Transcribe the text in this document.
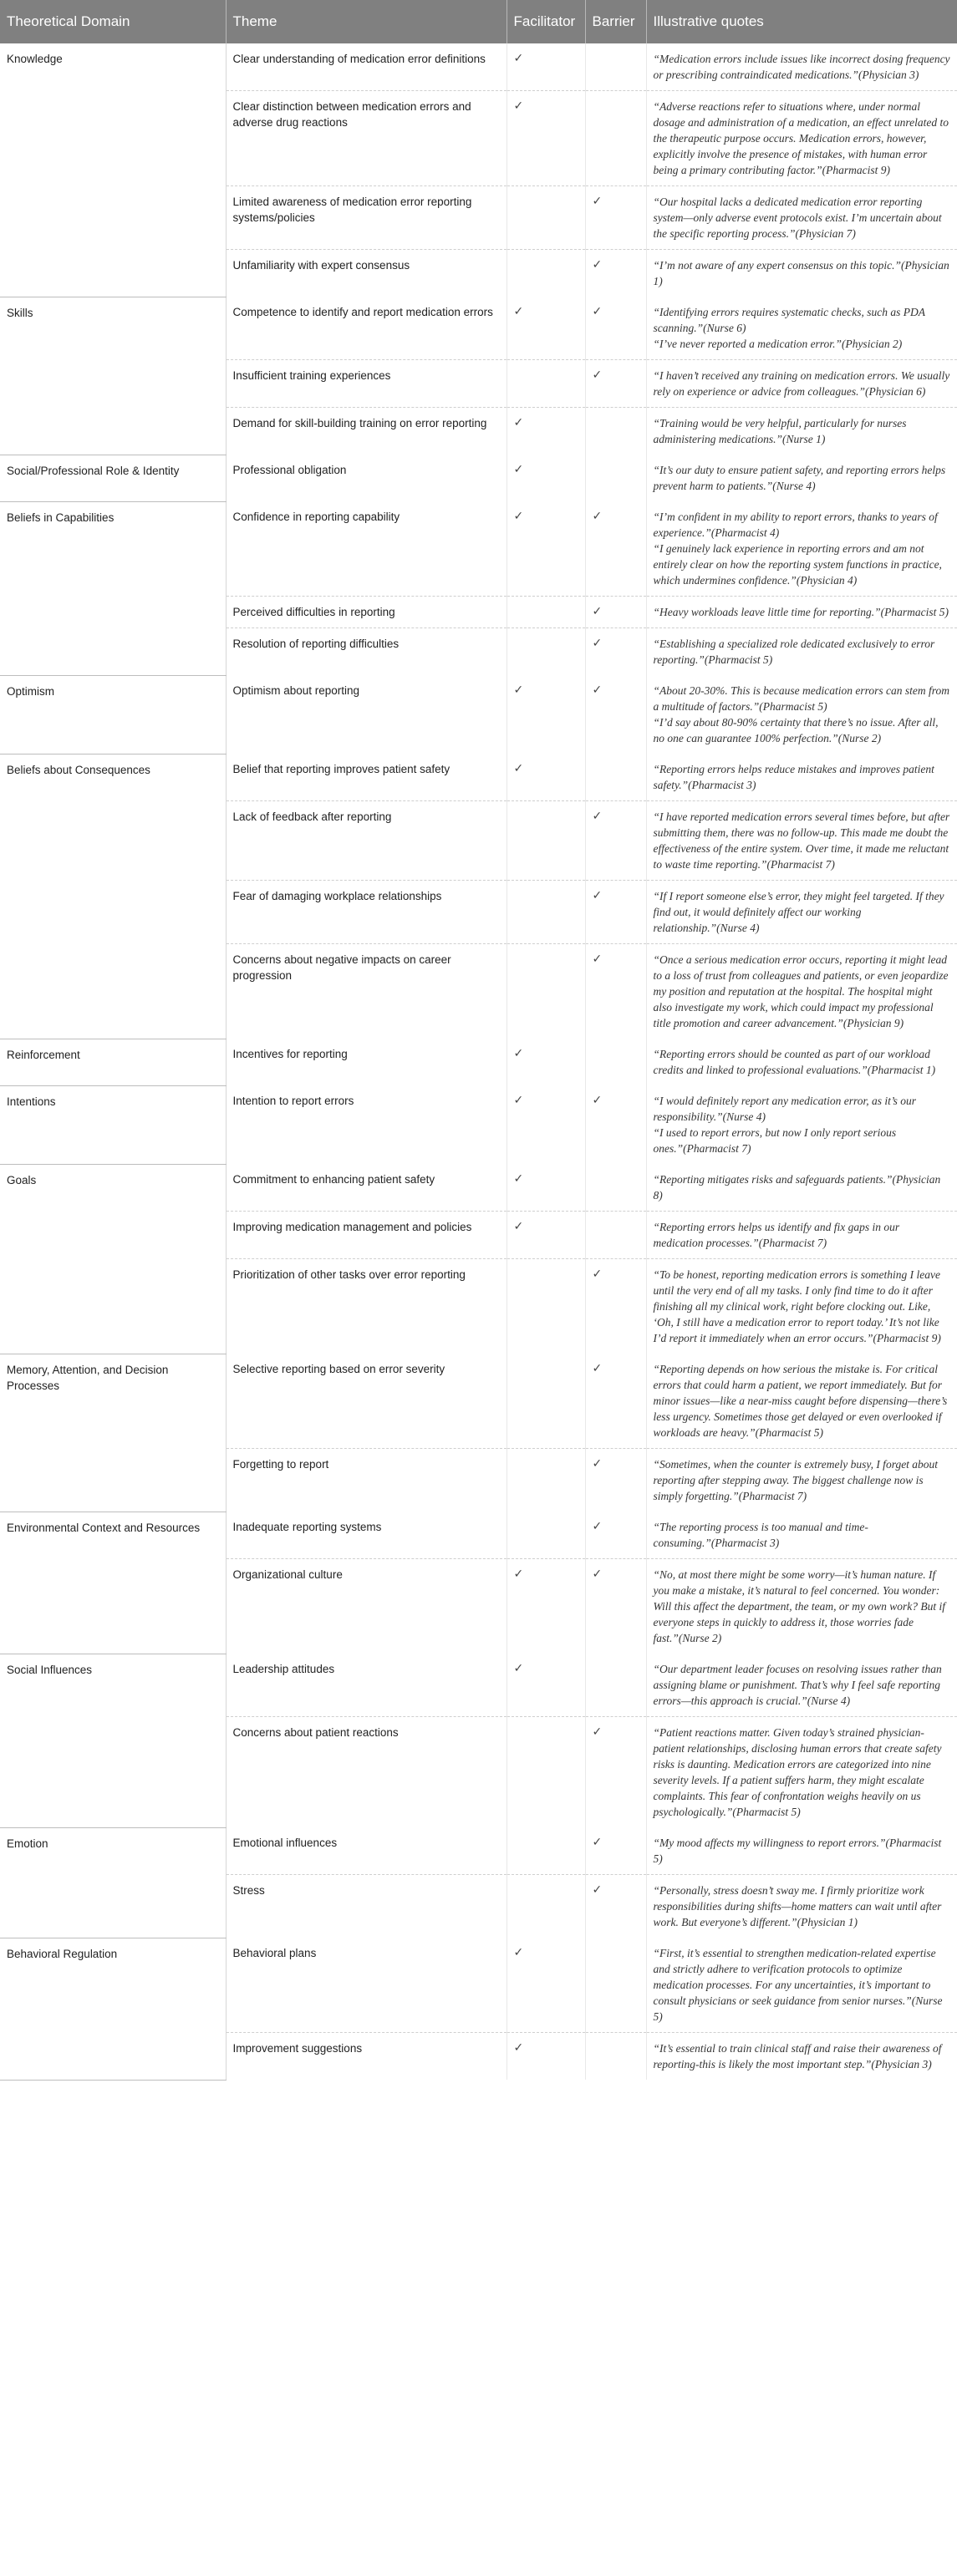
Theoretical Domain	Theme	Facilitator	Barrier	Illustrative quotes
Knowledge	Clear understanding of medication error definitions	✓		“Medication errors include issues like incorrect dosing frequency or prescribing contraindicated medications.”(Physician 3)

	Clear distinction between medication errors and adverse drug reactions	✓		“Adverse reactions refer to situations where, under normal dosage and administration of a medication, an effect unrelated to the therapeutic purpose occurs. Medication errors, however, explicitly involve the presence of mistakes, with human error being a primary contributing factor.”(Pharmacist 9)

	Limited awareness of medication error reporting systems/policies		✓	“Our hospital lacks a dedicated medication error reporting system—only adverse event protocols exist. I’m uncertain about the specific reporting process.”(Physician 7)

	Unfamiliarity with expert consensus		✓	“I’m not aware of any expert consensus on this topic.”(Physician 1)

Skills	Competence to identify and report medication errors	✓	✓	“Identifying errors requires systematic checks, such as PDA scanning.”(Nurse 6)
“I’ve never reported a medication error.”(Physician 2)

	Insufficient training experiences		✓	“I haven’t received any training on medication errors. We usually rely on experience or advice from colleagues.”(Physician 6)

	Demand for skill-building training on error reporting	✓		“Training would be very helpful, particularly for nurses administering medications.”(Nurse 1)

Social/Professional Role & Identity	Professional obligation	✓		“It’s our duty to ensure patient safety, and reporting errors helps prevent harm to patients.”(Nurse 4)

Beliefs in Capabilities	Confidence in reporting capability	✓	✓	“I’m confident in my ability to report errors, thanks to years of experience.”(Pharmacist 4)
“I genuinely lack experience in reporting errors and am not entirely clear on how the reporting system functions in practice, which undermines confidence.”(Physician 4)

	Perceived difficulties in reporting		✓	“Heavy workloads leave little time for reporting.”(Pharmacist 5)

	Resolution of reporting difficulties		✓	“Establishing a specialized role dedicated exclusively to error reporting.”(Pharmacist 5)

Optimism	Optimism about reporting	✓	✓	“About 20-30%. This is because medication errors can stem from a multitude of factors.”(Pharmacist 5)
“I’d say about 80-90% certainty that there’s no issue. After all, no one can guarantee 100% perfection.”(Nurse 2)

Beliefs about Consequences	Belief that reporting improves patient safety	✓		“Reporting errors helps reduce mistakes and improves patient safety.”(Pharmacist 3)

	Lack of feedback after reporting		✓	“I have reported medication errors several times before, but after submitting them, there was no follow-up. This made me doubt the effectiveness of the entire system. Over time, it made me reluctant to waste time reporting.”(Pharmacist 7)

	Fear of damaging workplace relationships		✓	“If I report someone else’s error, they might feel targeted. If they find out, it would definitely affect our working relationship.”(Nurse 4)

	Concerns about negative impacts on career progression		✓	“Once a serious medication error occurs, reporting it might lead to a loss of trust from colleagues and patients, or even jeopardize my position and reputation at the hospital. The hospital might also investigate my work, which could impact my professional title promotion and career advancement.”(Physician 9)

Reinforcement	Incentives for reporting	✓		“Reporting errors should be counted as part of our workload credits and linked to professional evaluations.”(Pharmacist 1)

Intentions	Intention to report errors	✓	✓	“I would definitely report any medication error, as it’s our responsibility.”(Nurse 4)
“I used to report errors, but now I only report serious ones.”(Pharmacist 7)

Goals	Commitment to enhancing patient safety	✓		“Reporting mitigates risks and safeguards patients.”(Physician 8)

	Improving medication management and policies	✓		“Reporting errors helps us identify and fix gaps in our medication processes.”(Pharmacist 7)

	Prioritization of other tasks over error reporting		✓	“To be honest, reporting medication errors is something I leave until the very end of all my tasks. I only find time to do it after finishing all my clinical work, right before clocking out. Like, ‘Oh, I still have a medication error to report today.’ It’s not like I’d report it immediately when an error occurs.”(Pharmacist 9)

Memory, Attention, and Decision Processes	Selective reporting based on error severity		✓	“Reporting depends on how serious the mistake is. For critical errors that could harm a patient, we report immediately. But for minor issues—like a near-miss caught before dispensing—there’s less urgency. Sometimes those get delayed or even overlooked if workloads are heavy.”(Pharmacist 5)

	Forgetting to report		✓	“Sometimes, when the counter is extremely busy, I forget about reporting after stepping away. The biggest challenge now is simply forgetting.”(Pharmacist 7)

Environmental Context and Resources	Inadequate reporting systems		✓	“The reporting process is too manual and time-consuming.”(Pharmacist 3)

	Organizational culture	✓	✓	“No, at most there might be some worry—it’s human nature. If you make a mistake, it’s natural to feel concerned. You wonder: Will this affect the department, the team, or my own work? But if everyone steps in quickly to address it, those worries fade fast.”(Nurse 2)

Social Influences	Leadership attitudes	✓		“Our department leader focuses on resolving issues rather than assigning blame or punishment. That’s why I feel safe reporting errors—this approach is crucial.”(Nurse 4)

	Concerns about patient reactions		✓	“Patient reactions matter. Given today’s strained physician-patient relationships, disclosing human errors that create safety risks is daunting. Medication errors are categorized into nine severity levels. If a patient suffers harm, they might escalate complaints. This fear of confrontation weighs heavily on us psychologically.”(Pharmacist 5)

Emotion	Emotional influences		✓	“My mood affects my willingness to report errors.”(Pharmacist 5)

	Stress		✓	“Personally, stress doesn’t sway me. I firmly prioritize work responsibilities during shifts—home matters can wait until after work. But everyone’s different.”(Physician 1)

Behavioral Regulation	Behavioral plans	✓		“First, it’s essential to strengthen medication-related expertise and strictly adhere to verification protocols to optimize medication processes. For any uncertainties, it’s important to consult physicians or seek guidance from senior nurses.”(Nurse 5)

	Improvement suggestions	✓		“It’s essential to train clinical staff and raise their awareness of reporting-this is likely the most important step.”(Physician 3)
